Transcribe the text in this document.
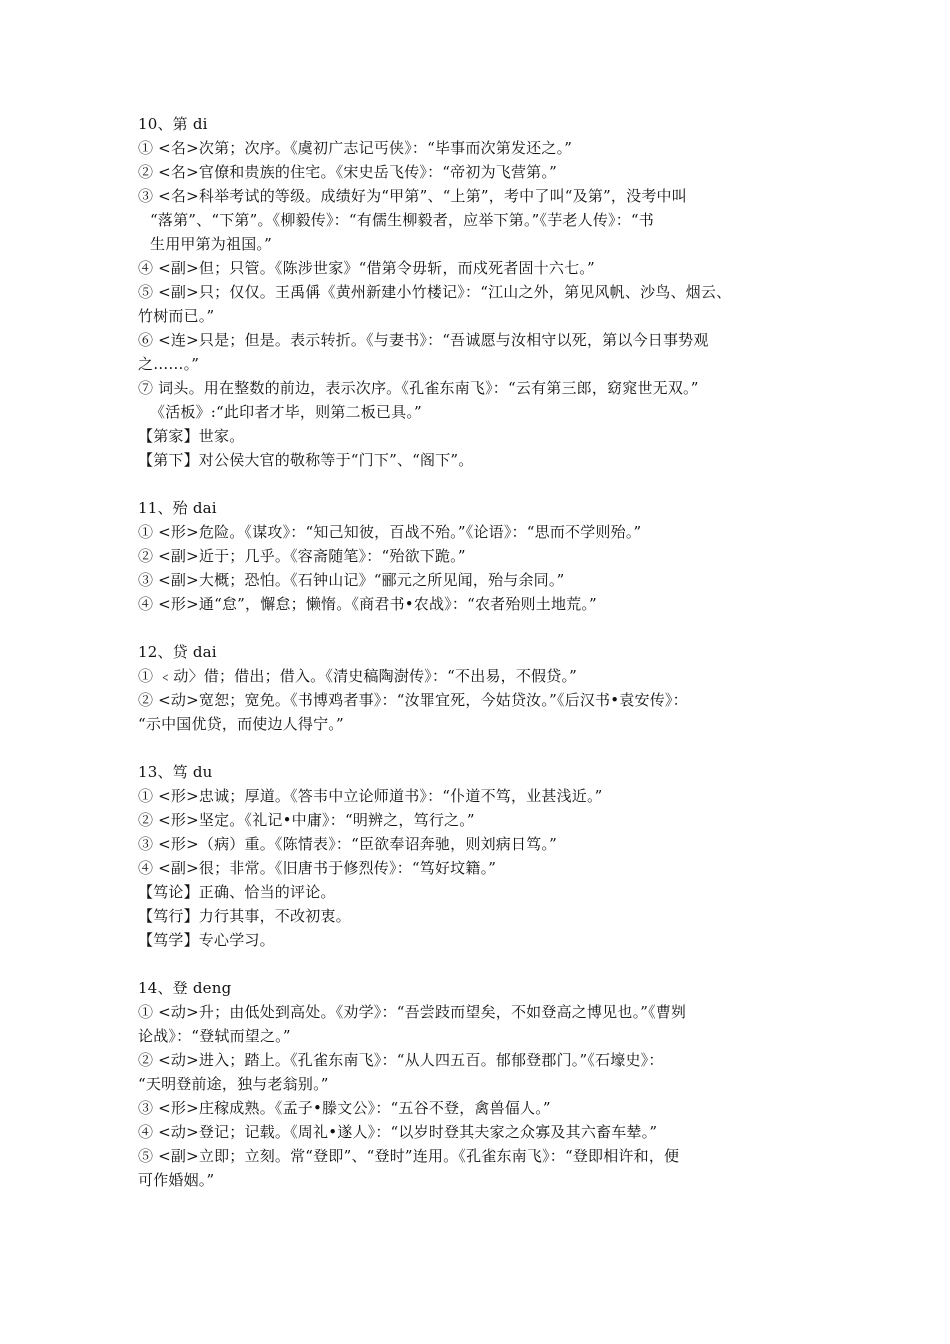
10、第 di

① <名>次第；次序。《虞初广志记丐侠》：“毕事而次第发还之。”

② <名>官僚和贵族的住宅。《宋史岳飞传》：“帝初为飞营第。”

③ <名>科举考试的等级。成绩好为“甲第”、“上第”，考中了叫“及第”，没考中叫

“落第”、“下第”。《柳毅传》：“有儒生柳毅者，应举下第。”《芋老人传》：“书

生用甲第为祖国。”

④ <副>但；只管。《陈涉世家》“借第令毋斩，而戍死者固十六七。”

⑤ <副>只；仅仅。王禹偁《黄州新建小竹楼记》：“江山之外，第见风帆、沙鸟、烟云、

竹树而已。”

⑥ <连>只是；但是。表示转折。《与妻书》：“吾诚愿与汝相守以死，第以今日事势观

之……。”

⑦ 词头。用在整数的前边，表示次序。《孔雀东南飞》：“云有第三郎，窈窕世无双。”

《活板》:“此印者才毕，则第二板已具。”

【第家】世家。

【第下】对公侯大官的敬称等于“门下”、“阁下”。

11、殆 dai

① <形>危险。《谋攻》：“知己知彼，百战不殆。”《论语》：“思而不学则殆。”

② <副>近于；几乎。《容斋随笔》：“殆欲下跪。”

③ <副>大概；恐怕。《石钟山记》“郦元之所见闻，殆与余同。”

④ <形>通“怠”，懈怠；懒惰。《商君书•农战》：“农者殆则土地荒。”

12、贷 dai

① ﹤动〉借；借出；借入。《清史稿陶澍传》：“不出易，不假贷。”

② <动>宽恕；宽免。《书博鸡者事》：“汝罪宜死，今姑贷汝。”《后汉书•袁安传》：

“示中国优贷，而使边人得宁。”

13、笃 du

① <形>忠诚；厚道。《答韦中立论师道书》：“仆道不笃，业甚浅近。”

② <形>坚定。《礼记•中庸》：“明辨之，笃行之。”

③ <形>（病）重。《陈情表》：“臣欲奉诏奔驰，则刘病日笃。”

④ <副>很；非常。《旧唐书于修烈传》：“笃好坟籍。”

【笃论】正确、恰当的评论。

【笃行】力行其事，不改初衷。

【笃学】专心学习。

14、登 deng

① <动>升；由低处到高处。《劝学》：“吾尝跂而望矣，不如登高之博见也。”《曹刿

论战》：“登轼而望之。”

② <动>进入；踏上。《孔雀东南飞》：“从人四五百。郁郁登郡门。”《石壕史》：

“天明登前途，独与老翁别。”

③ <形>庄稼成熟。《孟子•滕文公》：“五谷不登，禽兽偪人。”

④ <动>登记；记载。《周礼•遂人》：“以岁时登其夫家之众寡及其六畜车辇。”

⑤ <副>立即；立刻。常“登即”、“登时”连用。《孔雀东南飞》：“登即相许和，便

可作婚姻。”
